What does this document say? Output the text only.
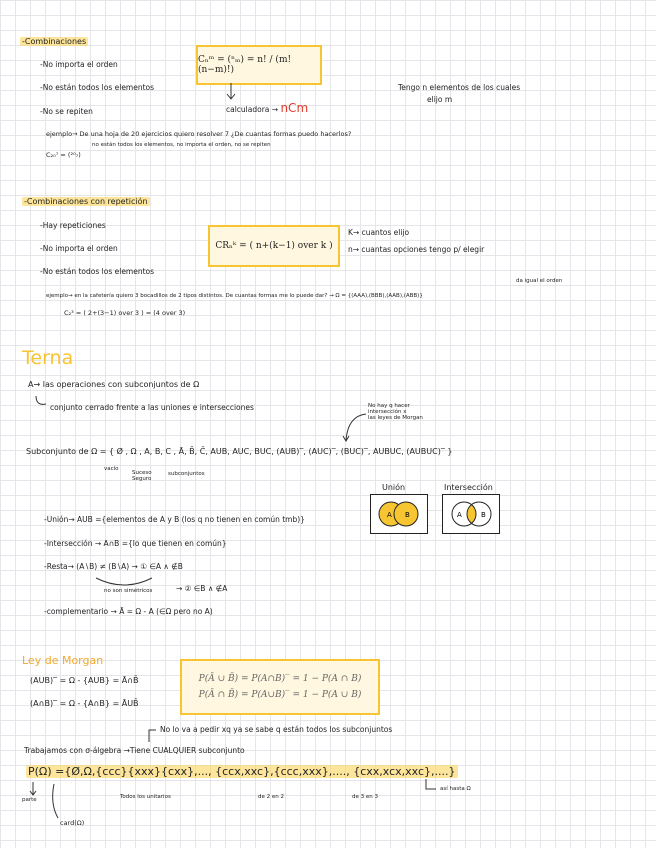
-Combinaciones
-No importa el orden
-No están todos los elementos
-No se repiten
Cₙᵐ = (ⁿₘ) = n! / (m!(n−m)!)
calculadora → nCm
Tengo n elementos de los cuales
elijo m
ejemplo→ De una hoja de 20 ejercicios quiero resolver 7 ¿De cuantas formas puedo hacerlos?
no están todos los elementos, no importa el orden, no se repiten
C₂₀⁷ = (²⁰₇)
-Combinaciones con repetición
-Hay repeticiones
-No importa el orden
-No están todos los elementos
CRₙᵏ = ( n+(k−1) over k )
K→ cuantos elijo
n→ cuantas opciones tengo p/ elegir
da igual el orden
ejemplo→ en la cafetería quiero 3 bocadillos de 2 tipos distintos. De cuantas formas me lo puede dar? → Ω = {(AAA),(BBB),(AAB),(ABB)}
C₂³ = ( 2+(3−1) over 3 ) = (4 over 3)
Terna
A→ las operaciones con subconjuntos de Ω
conjunto cerrado frente a las uniones e intersecciones	No hay q hacer
intersección x
las leyes de Morgan
Subconjunto de Ω = { Ø , Ω , A, B, C , Ā, B̄, C̄, AUB, AUC, BUC, (AUB)‾, (AUC)‾, (BUC)‾, AUBUC, (AUBUC)‾ }
vacío
Suceso
Seguro
subconjuntos
Unión
A B
Intersección
A	B
-Unión→ AUB ={elementos de A y B (los q no tienen en común tmb)}
-Intersección → A∩B ={lo que tienen en común}
-Resta→ (A∖B) ≠ (B∖A) → ① ∈A ∧ ∉B
→ ② ∈B ∧ ∉A
no son simétricos
-complementario → Ā = Ω - A (∈Ω pero no A)
Ley de Morgan
(AUB)‾ = Ω - {AUB} = Ā∩B̄
(A∩B)‾ = Ω - {A∩B} = ĀUB̄
P(Ā ∪ B̄) = P(A∩B)‾ = 1 − P(A ∩ B)
P(Ā ∩ B̄) = P(A∪B)‾ = 1 − P(A ∪ B)
No lo va a pedir xq ya se sabe q están todos los subconjuntos
Trabajamos con σ-álgebra →Tiene CUALQUIER subconjunto
P(Ω) ={Ø,Ω,{ccc}{xxx}{cxx},..., {ccx,xxc},{ccc,xxx},...., {cxx,xcx,xxc},....}
Todos los unitarios	de 2 en 2	de 3 en 3
así hasta Ω
parte
card(Ω)
